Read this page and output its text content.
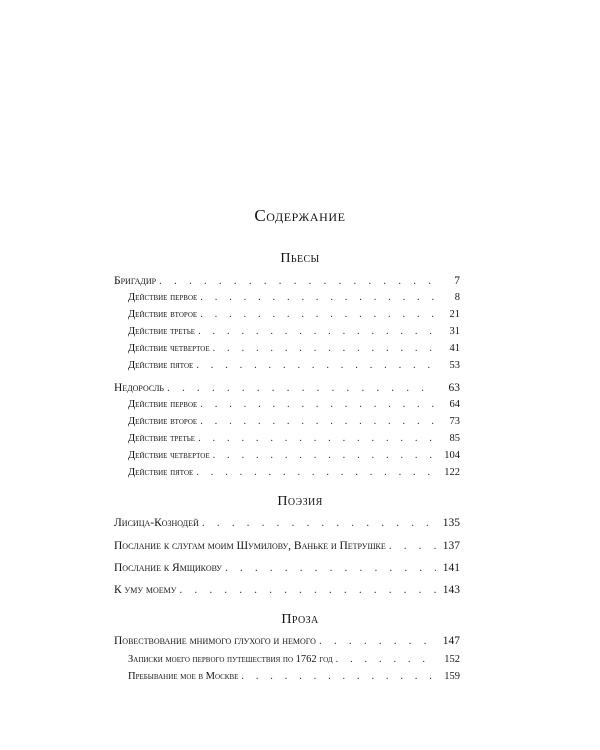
Содержание
Пьесы
Бригадир . . .	7
Действие первое . . .	8
Действие второе . . .	21
Действие третье . . .	31
Действие четвертое . . .	41
Действие пятое . . .	53
Недоросль . . .	63
Действие первое . . .	64
Действие второе . . .	73
Действие третье . . .	85
Действие четвертое . . .	104
Действие пятое . . .	122
Поэзия
Лисица-Кознодей . . .	135
Послание к слугам моим Шумилову, Ваньке и Петрушке . . .	137
Послание к Ямщикову . . .	141
К уму моему . . .	143
Проза
Повествование мнимого глухого и немого . . .	147
Записки моего первого путешествия по 1762 год . . .	152
Пребывание мое в Москве . . .	159
